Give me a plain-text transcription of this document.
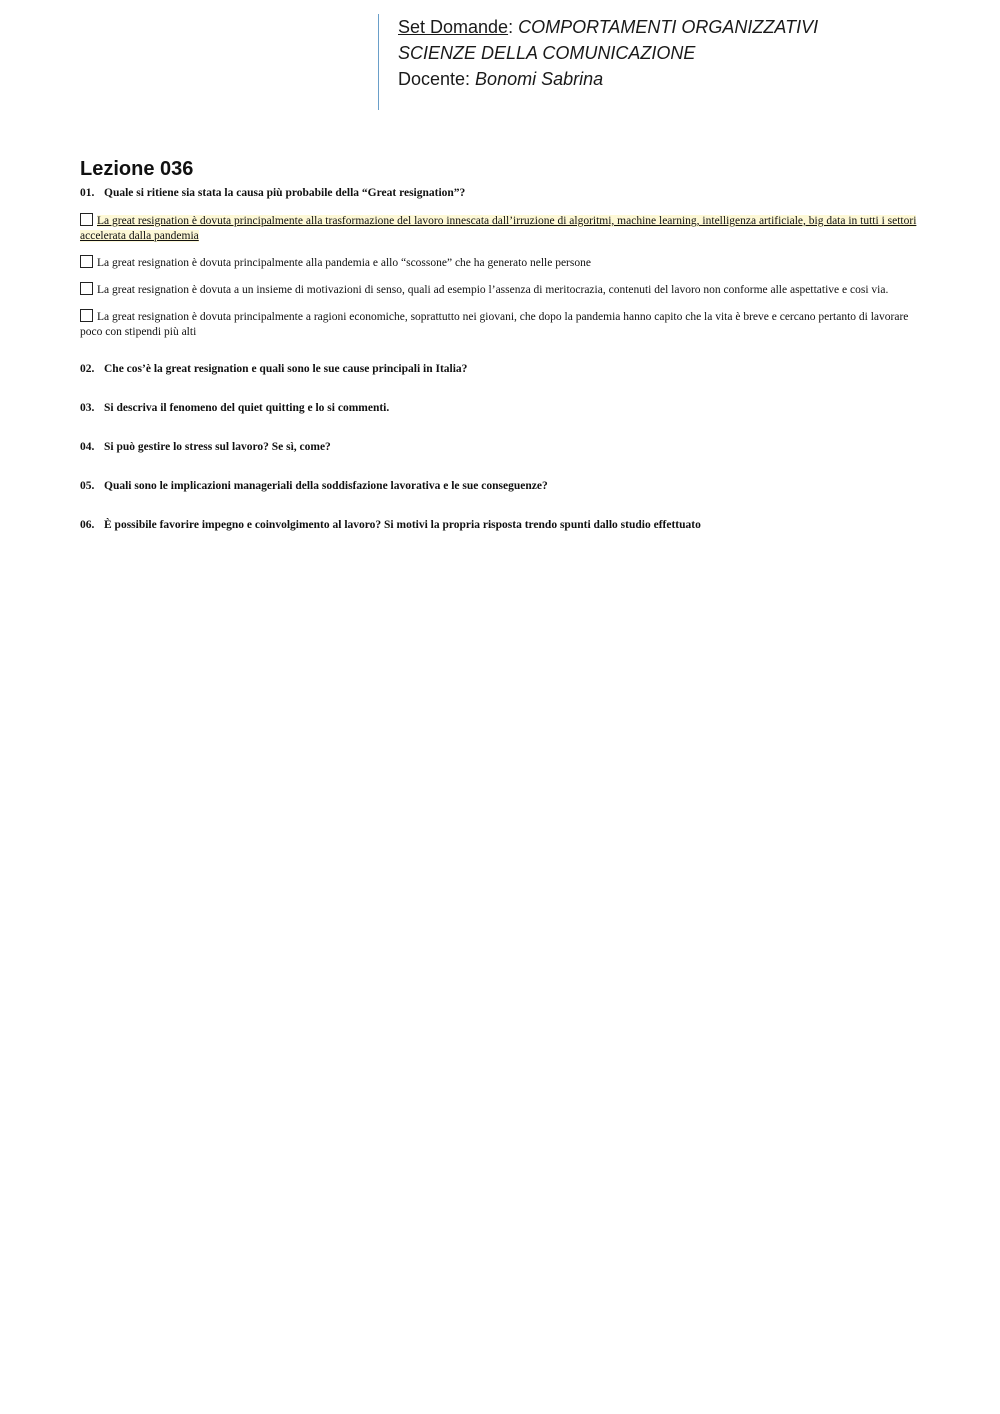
Set Domande: COMPORTAMENTI ORGANIZZATIVI
SCIENZE DELLA COMUNICAZIONE
Docente: Bonomi Sabrina
Lezione 036

01. Quale si ritiene sia stata la causa più probabile della “Great resignation”?

La great resignation è dovuta principalmente alla trasformazione del lavoro innescata dall’irruzione di algoritmi, machine learning, intelligenza artificiale, big data in tutti i settori accelerata dalla pandemia
La great resignation è dovuta principalmente alla pandemia e allo “scossone” che ha generato nelle persone
La great resignation è dovuta a un insieme di motivazioni di senso, quali ad esempio l’assenza di meritocrazia, contenuti del lavoro non conforme alle aspettative e cosi via.
La great resignation è dovuta principalmente a ragioni economiche, soprattutto nei giovani, che dopo la pandemia hanno capito che la vita è breve e cercano pertanto di lavorare poco con stipendi più alti

02. Che cos’è la great resignation e quali sono le sue cause principali in Italia?

03. Si descriva il fenomeno del quiet quitting e lo si commenti.

04. Si può gestire lo stress sul lavoro? Se sì, come?

05. Quali sono le implicazioni manageriali della soddisfazione lavorativa e le sue conseguenze?

06. È possibile favorire impegno e coinvolgimento al lavoro? Si motivi la propria risposta trendo spunti dallo studio effettuato
